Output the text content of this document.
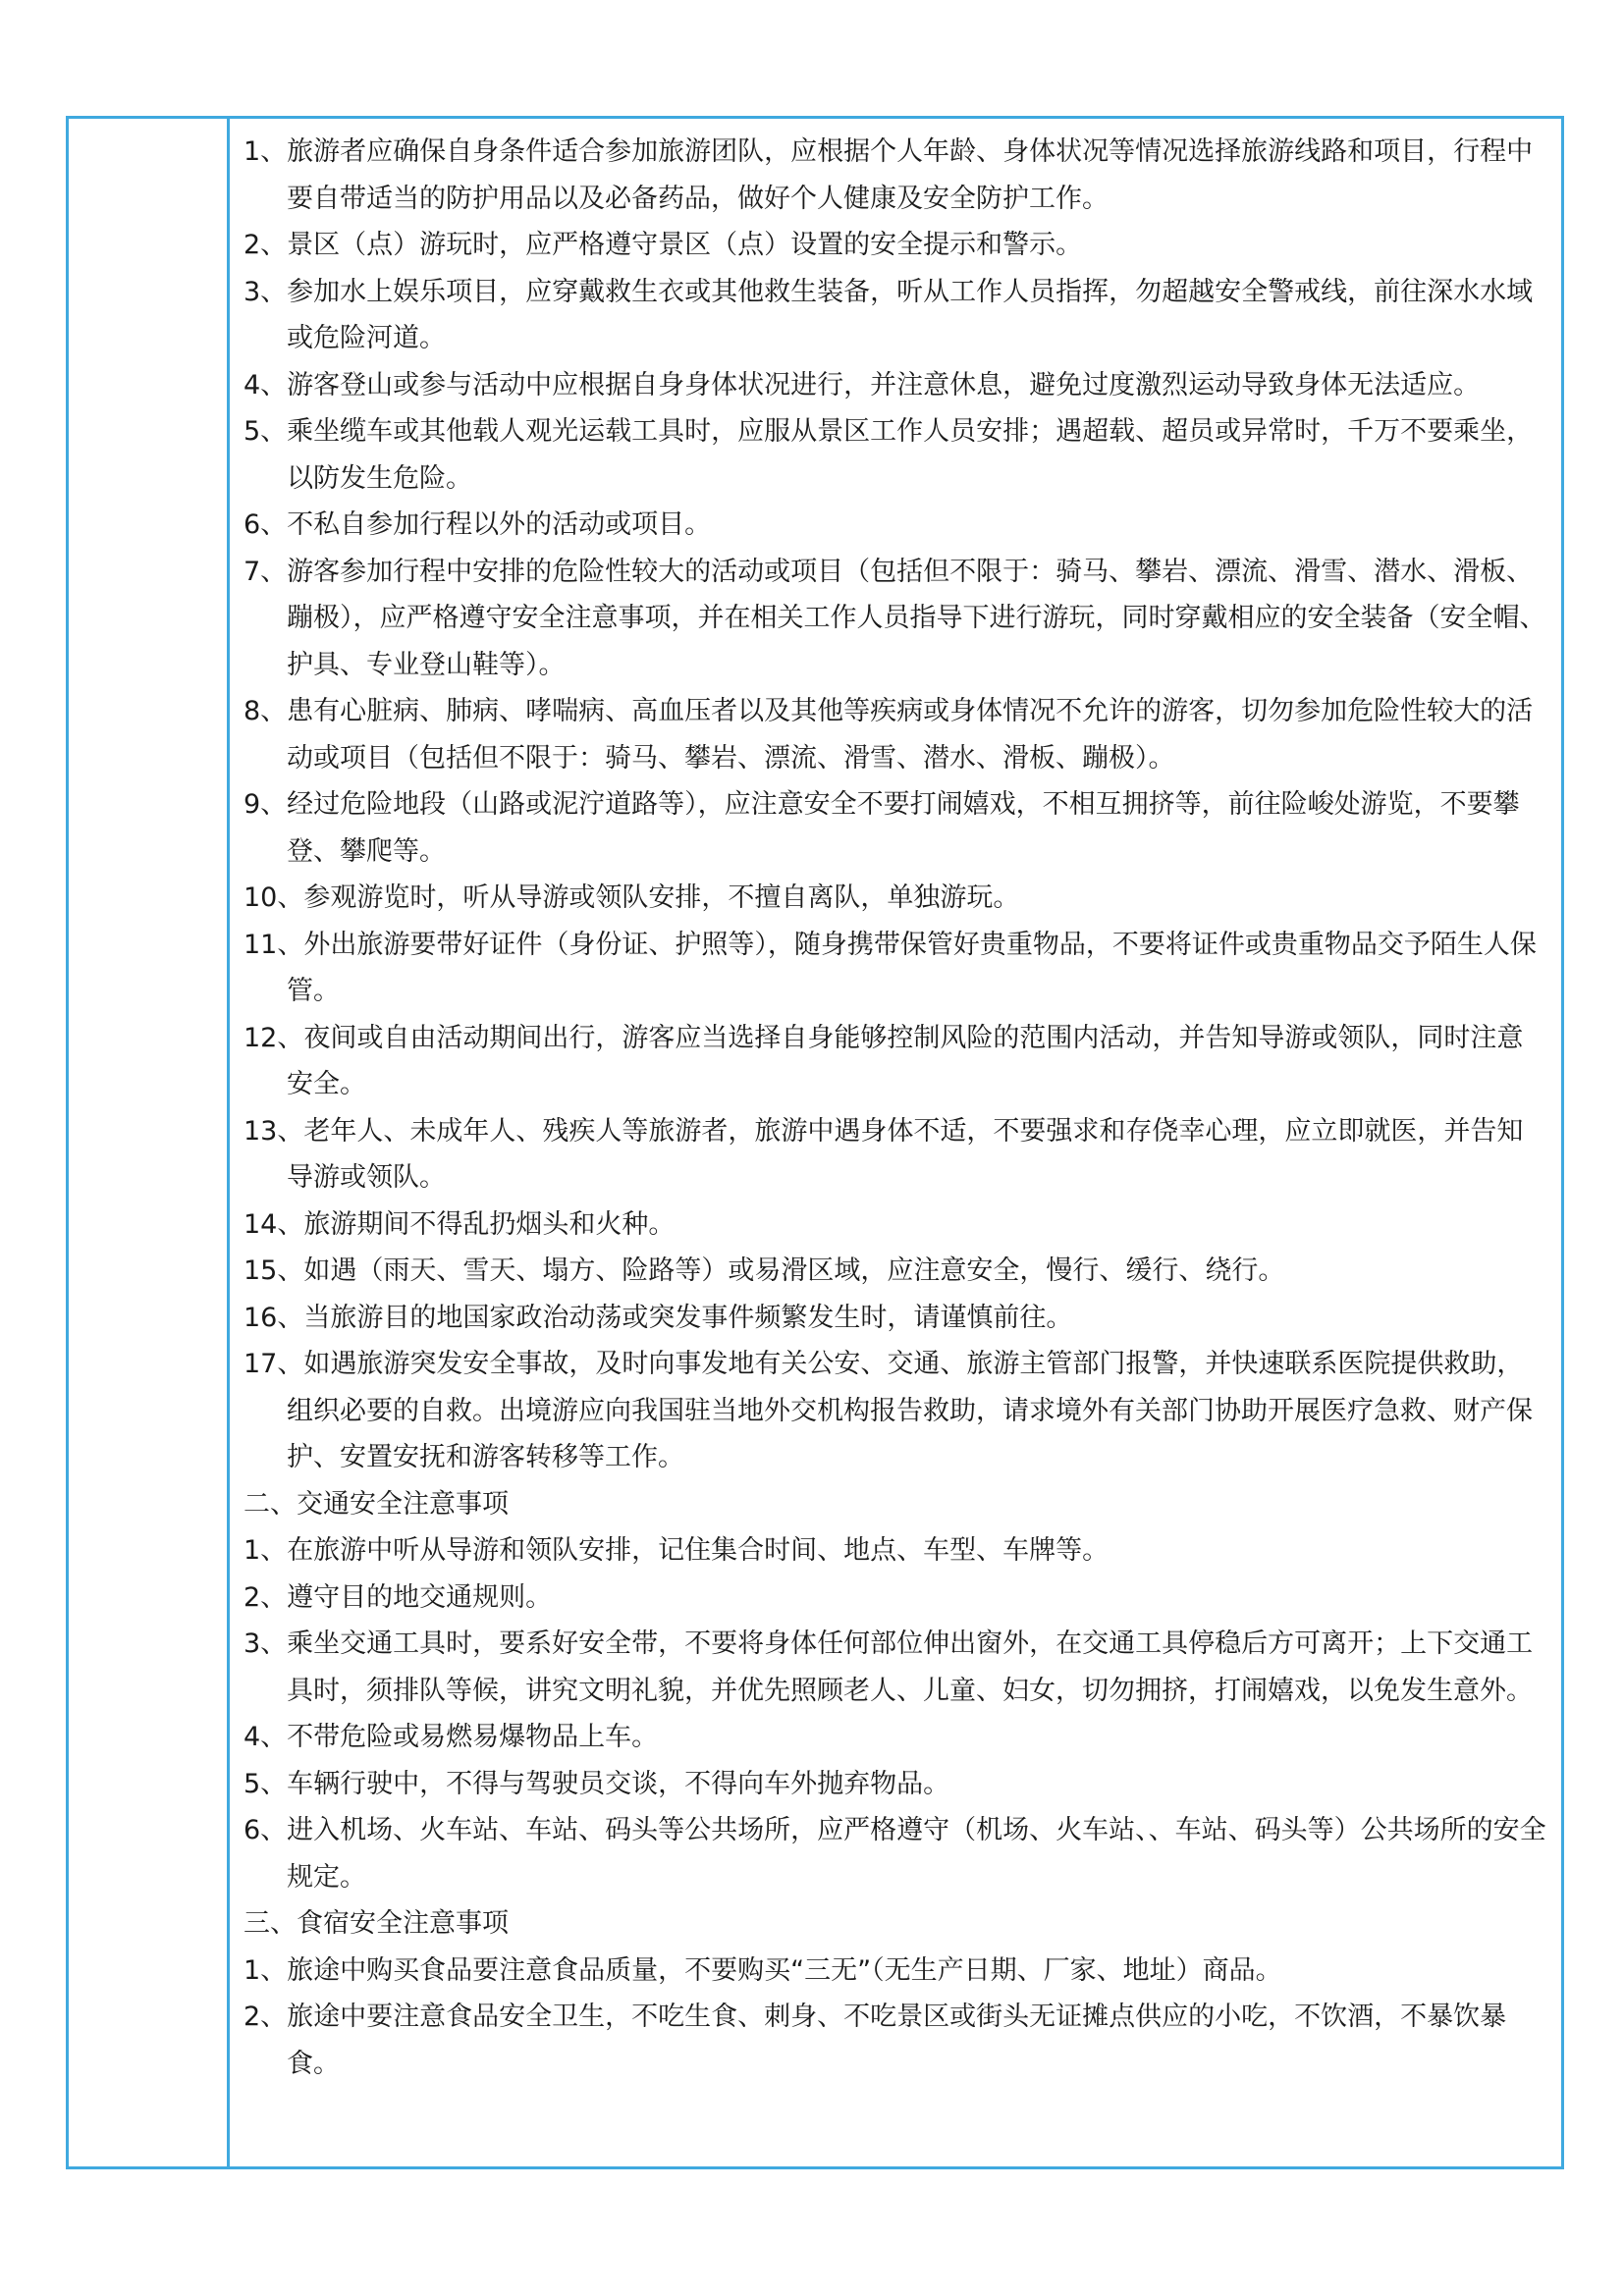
1、旅游者应确保自身条件适合参加旅游团队，应根据个人年龄、身体状况等情况选择旅游线路和项目，行程中要自带适当的防护用品以及必备药品，做好个人健康及安全防护工作。
2、景区（点）游玩时，应严格遵守景区（点）设置的安全提示和警示。
3、参加水上娱乐项目，应穿戴救生衣或其他救生装备，听从工作人员指挥，勿超越安全警戒线，前往深水水域或危险河道。
4、游客登山或参与活动中应根据自身身体状况进行，并注意休息，避免过度激烈运动导致身体无法适应。
5、乘坐缆车或其他载人观光运载工具时，应服从景区工作人员安排；遇超载、超员或异常时，千万不要乘坐，以防发生危险。
6、不私自参加行程以外的活动或项目。
7、游客参加行程中安排的危险性较大的活动或项目（包括但不限于：骑马、攀岩、漂流、滑雪、潜水、滑板、蹦极），应严格遵守安全注意事项，并在相关工作人员指导下进行游玩，同时穿戴相应的安全装备（安全帽、护具、专业登山鞋等）。
8、患有心脏病、肺病、哮喘病、高血压者以及其他等疾病或身体情况不允许的游客，切勿参加危险性较大的活动或项目（包括但不限于：骑马、攀岩、漂流、滑雪、潜水、滑板、蹦极）。
9、经过危险地段（山路或泥泞道路等），应注意安全不要打闹嬉戏，不相互拥挤等，前往险峻处游览，不要攀登、攀爬等。
10、参观游览时，听从导游或领队安排，不擅自离队，单独游玩。
11、外出旅游要带好证件（身份证、护照等），随身携带保管好贵重物品，不要将证件或贵重物品交予陌生人保管。
12、夜间或自由活动期间出行，游客应当选择自身能够控制风险的范围内活动，并告知导游或领队，同时注意安全。
13、老年人、未成年人、残疾人等旅游者，旅游中遇身体不适，不要强求和存侥幸心理，应立即就医，并告知导游或领队。
14、旅游期间不得乱扔烟头和火种。
15、如遇（雨天、雪天、塌方、险路等）或易滑区域，应注意安全，慢行、缓行、绕行。
16、当旅游目的地国家政治动荡或突发事件频繁发生时，请谨慎前往。
17、如遇旅游突发安全事故，及时向事发地有关公安、交通、旅游主管部门报警，并快速联系医院提供救助，组织必要的自救。出境游应向我国驻当地外交机构报告救助，请求境外有关部门协助开展医疗急救、财产保护、安置安抚和游客转移等工作。
二、交通安全注意事项
1、在旅游中听从导游和领队安排，记住集合时间、地点、车型、车牌等。
2、遵守目的地交通规则。
3、乘坐交通工具时，要系好安全带，不要将身体任何部位伸出窗外，在交通工具停稳后方可离开；上下交通工具时，须排队等候，讲究文明礼貌，并优先照顾老人、儿童、妇女，切勿拥挤，打闹嬉戏，以免发生意外。
4、不带危险或易燃易爆物品上车。
5、车辆行驶中，不得与驾驶员交谈，不得向车外抛弃物品。
6、进入机场、火车站、车站、码头等公共场所，应严格遵守（机场、火车站、、车站、码头等）公共场所的安全规定。
三、食宿安全注意事项
1、旅途中购买食品要注意食品质量，不要购买“三无”（无生产日期、厂家、地址）商品。
2、旅途中要注意食品安全卫生，不吃生食、刺身、不吃景区或街头无证摊点供应的小吃，不饮酒，不暴饮暴食。
